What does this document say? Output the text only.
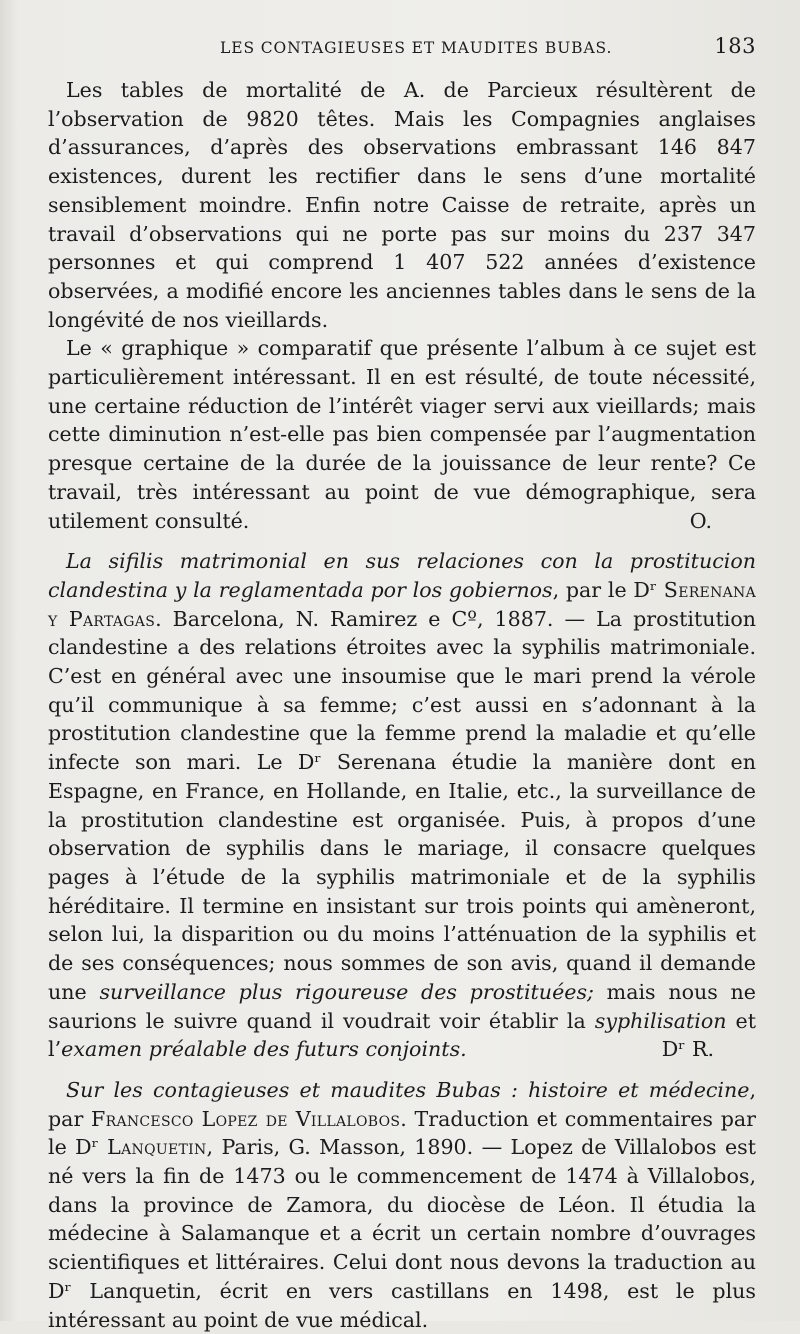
LES CONTAGIEUSES ET MAUDITES BUBAS.	183

Les tables de mortalité de A. de Parcieux résultèrent de l’observation de 9820 têtes. Mais les Compagnies anglaises d’assurances, d’après des observations embrassant 146 847 existences, durent les rectifier dans le sens d’une mortalité sensiblement moindre. Enfin notre Caisse de retraite, après un travail d’observations qui ne porte pas sur moins du 237 347 personnes et qui comprend 1 407 522 années d’existence observées, a modifié encore les anciennes tables dans le sens de la longévité de nos vieillards.

Le « graphique » comparatif que présente l’album à ce sujet est particulièrement intéressant. Il en est résulté, de toute nécessité, une certaine réduction de l’intérêt viager servi aux vieillards; mais cette diminution n’est-elle pas bien compensée par l’augmentation presque certaine de la durée de la jouissance de leur rente? Ce travail, très intéressant au point de vue démographique, sera utilement consulté.	O.

La sifilis matrimonial en sus relaciones con la prostitucion clandestina y la reglamentada por los gobiernos, par le Dʳ Serenana y Partagas. Barcelona, N. Ramirez e Cº, 1887. — La prostitution clandestine a des relations étroites avec la syphilis matrimoniale. C’est en général avec une insoumise que le mari prend la vérole qu’il communique à sa femme; c’est aussi en s’adonnant à la prostitution clandestine que la femme prend la maladie et qu’elle infecte son mari. Le Dʳ Serenana étudie la manière dont en Espagne, en France, en Hollande, en Italie, etc., la surveillance de la prostitution clandestine est organisée. Puis, à propos d’une observation de syphilis dans le mariage, il consacre quelques pages à l’étude de la syphilis matrimoniale et de la syphilis héréditaire. Il termine en insistant sur trois points qui amèneront, selon lui, la disparition ou du moins l’atténuation de la syphilis et de ses conséquences; nous sommes de son avis, quand il demande une surveillance plus rigoureuse des prostituées; mais nous ne saurions le suivre quand il voudrait voir établir la syphilisation et l’examen préalable des futurs conjoints.	Dʳ R.

Sur les contagieuses et maudites Bubas : histoire et médecine, par Francesco Lopez de Villalobos. Traduction et commentaires par le Dʳ Lanquetin, Paris, G. Masson, 1890. — Lopez de Villalobos est né vers la fin de 1473 ou le commencement de 1474 à Villalobos, dans la province de Zamora, du diocèse de Léon. Il étudia la médecine à Salamanque et a écrit un certain nombre d’ouvrages scientifiques et littéraires. Celui dont nous devons la traduction au Dʳ Lanquetin, écrit en vers castillans en 1498, est le plus intéressant au point de vue médical.
